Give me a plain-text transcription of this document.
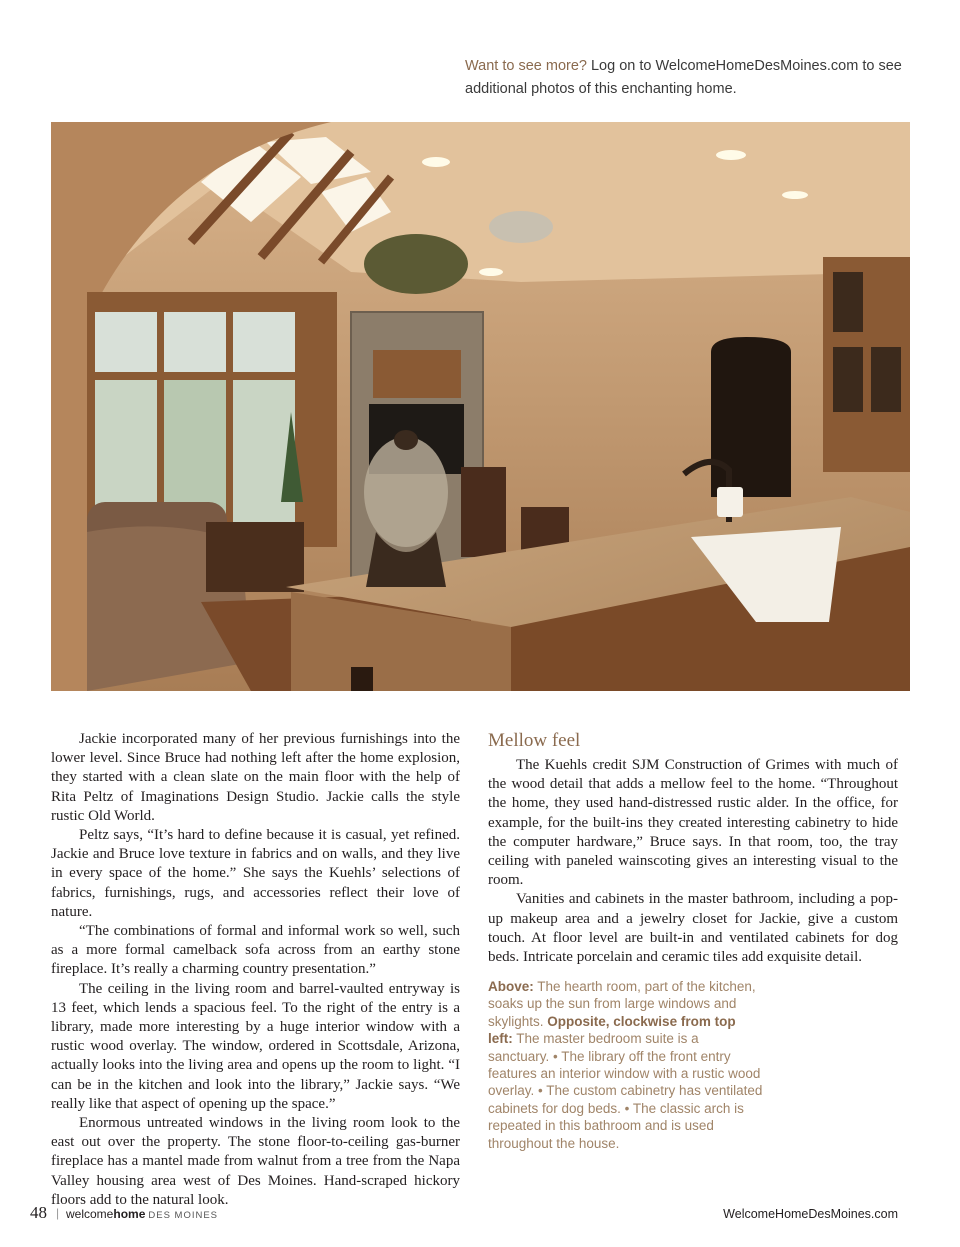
Want to see more? Log on to WelcomeHomeDesMoines.com to see additional photos of this enchanting home.

Jackie incorporated many of her previous furnishings into the lower level. Since Bruce had nothing left after the home explosion, they started with a clean slate on the main floor with the help of Rita Peltz of Imaginations Design Studio. Jackie calls the style rustic Old World.

Peltz says, “It’s hard to define because it is casual, yet refined. Jackie and Bruce love texture in fabrics and on walls, and they live in every space of the home.” She says the Kuehls’ selections of fabrics, furnishings, rugs, and accessories reflect their love of nature.

“The combinations of formal and informal work so well, such as a more formal camelback sofa across from an earthy stone fireplace. It’s really a charming country presentation.”

The ceiling in the living room and barrel-vaulted entryway is 13 feet, which lends a spacious feel. To the right of the entry is a library, made more interesting by a huge interior window with a rustic wood overlay. The window, ordered in Scottsdale, Arizona, actually looks into the living area and opens up the room to light. “I can be in the kitchen and look into the library,” Jackie says. “We really like that aspect of opening up the space.”

Enormous untreated windows in the living room look to the east out over the property. The stone floor-to-ceiling gas-burner fireplace has a mantel made from walnut from a tree from the Napa Valley housing area west of Des Moines. Hand-scraped hickory floors add to the natural look.

Mellow feel

The Kuehls credit SJM Construction of Grimes with much of the wood detail that adds a mellow feel to the home. “Throughout the home, they used hand-distressed rustic alder. In the office, for example, for the built-ins they created interesting cabinetry to hide the computer hardware,” Bruce says. In that room, too, the tray ceiling with paneled wainscoting gives an interesting visual to the room.

Vanities and cabinets in the master bathroom, including a pop-up makeup area and a jewelry closet for Jackie, give a custom touch. At floor level are built-in and ventilated cabinets for dog beds. Intricate porcelain and ceramic tiles add exquisite detail.

Above: The hearth room, part of the kitchen, soaks up the sun from large windows and skylights. Opposite, clockwise from top left: The master bedroom suite is a sanctuary. • The library off the front entry features an interior window with a rustic wood overlay. • The custom cabinetry has ventilated cabinets for dog beds. • The classic arch is repeated in this bathroom and is used throughout the house.
48 | welcomehome DES MOINES	WelcomeHomeDesMoines.com
